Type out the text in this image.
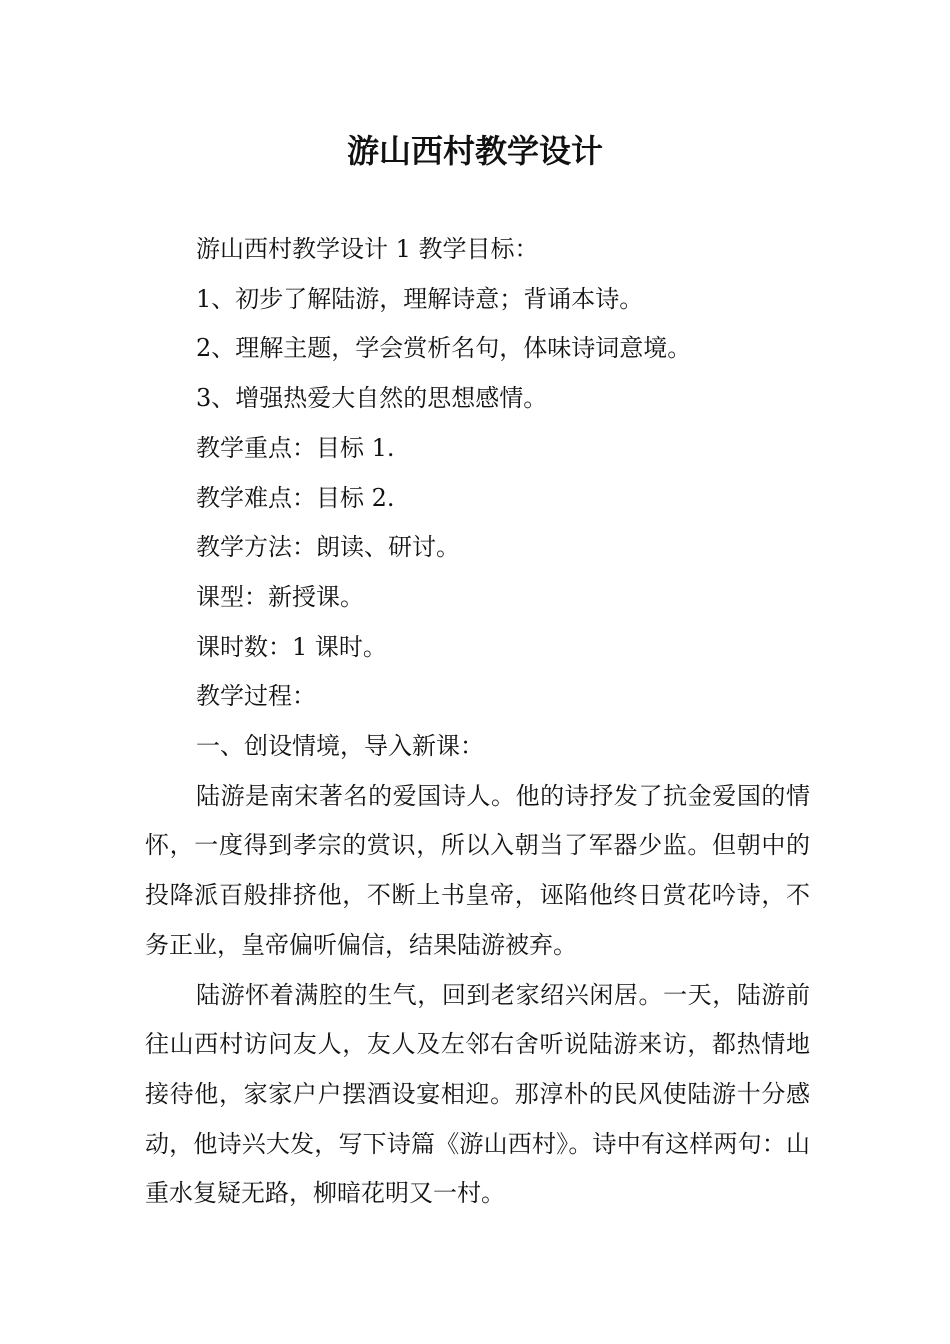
游山西村教学设计

游山西村教学设计 1 教学目标：

1、初步了解陆游，理解诗意；背诵本诗。

2、理解主题，学会赏析名句，体味诗词意境。

3、增强热爱大自然的思想感情。

教学重点：目标 1.

教学难点：目标 2.

教学方法：朗读、研讨。

课型：新授课。

课时数：1 课时。

教学过程：

一、创设情境，导入新课：

陆游是南宋著名的爱国诗人。他的诗抒发了抗金爱国的情怀，一度得到孝宗的赏识，所以入朝当了军器少监。但朝中的投降派百般排挤他，不断上书皇帝，诬陷他终日赏花吟诗，不务正业，皇帝偏听偏信，结果陆游被弃。

陆游怀着满腔的生气，回到老家绍兴闲居。一天，陆游前往山西村访问友人，友人及左邻右舍听说陆游来访，都热情地接待他，家家户户摆酒设宴相迎。那淳朴的民风使陆游十分感动，他诗兴大发，写下诗篇《游山西村》。诗中有这样两句：山重水复疑无路，柳暗花明又一村。
